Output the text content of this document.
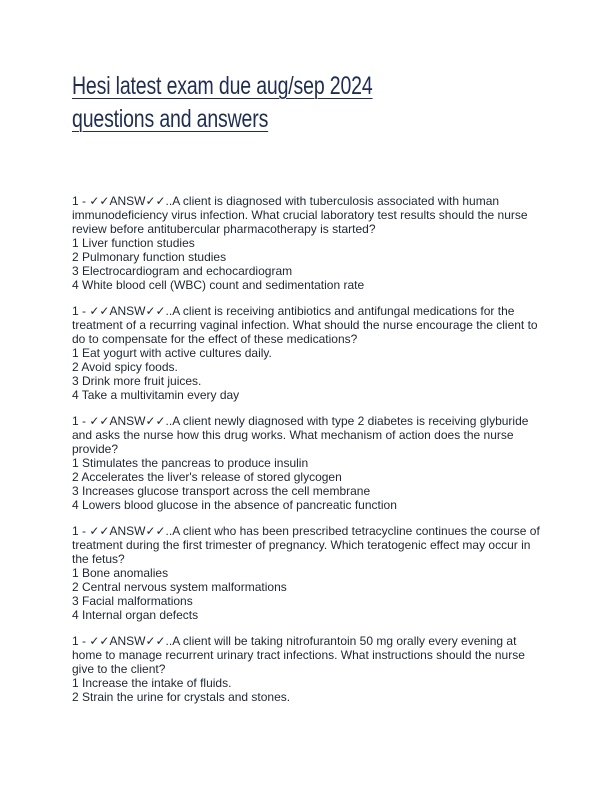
Hesi latest exam due aug/sep 2024 questions and answers
1 - ✓✓ANSW✓✓..A client is diagnosed with tuberculosis associated with human
immunodeficiency virus infection. What crucial laboratory test results should the nurse
review before antitubercular pharmacotherapy is started?
1 Liver function studies
2 Pulmonary function studies
3 Electrocardiogram and echocardiogram
4 White blood cell (WBC) count and sedimentation rate
1 - ✓✓ANSW✓✓..A client is receiving antibiotics and antifungal medications for the
treatment of a recurring vaginal infection. What should the nurse encourage the client to
do to compensate for the effect of these medications?
1 Eat yogurt with active cultures daily.
2 Avoid spicy foods.
3 Drink more fruit juices.
4 Take a multivitamin every day
1 - ✓✓ANSW✓✓..A client newly diagnosed with type 2 diabetes is receiving glyburide
and asks the nurse how this drug works. What mechanism of action does the nurse
provide?
1 Stimulates the pancreas to produce insulin
2 Accelerates the liver's release of stored glycogen
3 Increases glucose transport across the cell membrane
4 Lowers blood glucose in the absence of pancreatic function
1 - ✓✓ANSW✓✓..A client who has been prescribed tetracycline continues the course of
treatment during the first trimester of pregnancy. Which teratogenic effect may occur in
the fetus?
1 Bone anomalies
2 Central nervous system malformations
3 Facial malformations
4 Internal organ defects
1 - ✓✓ANSW✓✓..A client will be taking nitrofurantoin 50 mg orally every evening at
home to manage recurrent urinary tract infections. What instructions should the nurse
give to the client?
1 Increase the intake of fluids.
2 Strain the urine for crystals and stones.
